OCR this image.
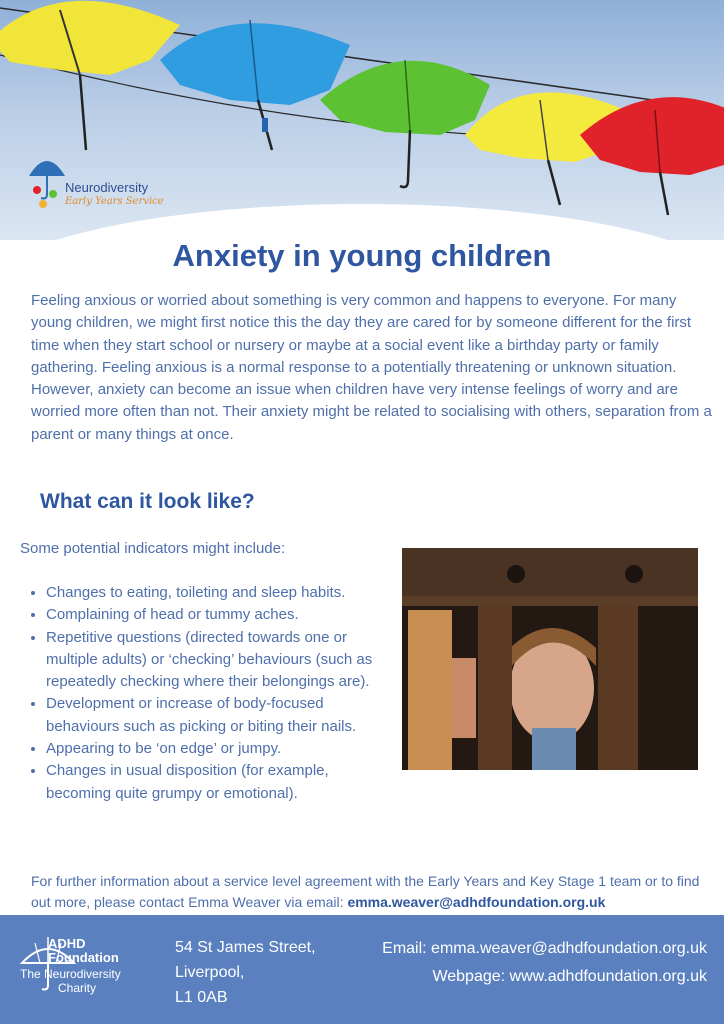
Neurodiversity
Early Years Service
Anxiety in young children

Feeling anxious or worried about something is very common and happens to everyone. For many young children, we might first notice this the day they are cared for by someone different for the first time when they start school or nursery or maybe at a social event like a birthday party or family gathering. Feeling anxious is a normal response to a potentially threatening or unknown situation.

However, anxiety can become an issue when children have very intense feelings of worry and are worried more often than not. Their anxiety might be related to socialising with others, separation from a parent or many things at once.

What can it look like?
Some potential indicators might include:
• Changes to eating, toileting and sleep habits.
• Complaining of head or tummy aches.
• Repetitive questions (directed towards one or multiple adults) or ‘checking’ behaviours (such as repeatedly checking where their belongings are).
• Development or increase of body-focused behaviours such as picking or biting their nails.
• Appearing to be ‘on edge’ or jumpy.
• Changes in usual disposition (for example, becoming quite grumpy or emotional).
For further information about a service level agreement with the Early Years and Key Stage 1 team or to find out more, please contact Emma Weaver via email: emma.weaver@adhdfoundation.org.uk
ADHD
Foundation
The Neurodiversity
Charity
54 St James Street,
Liverpool,
L1 0AB
Email: emma.weaver@adhdfoundation.org.uk
Webpage: www.adhdfoundation.org.uk
